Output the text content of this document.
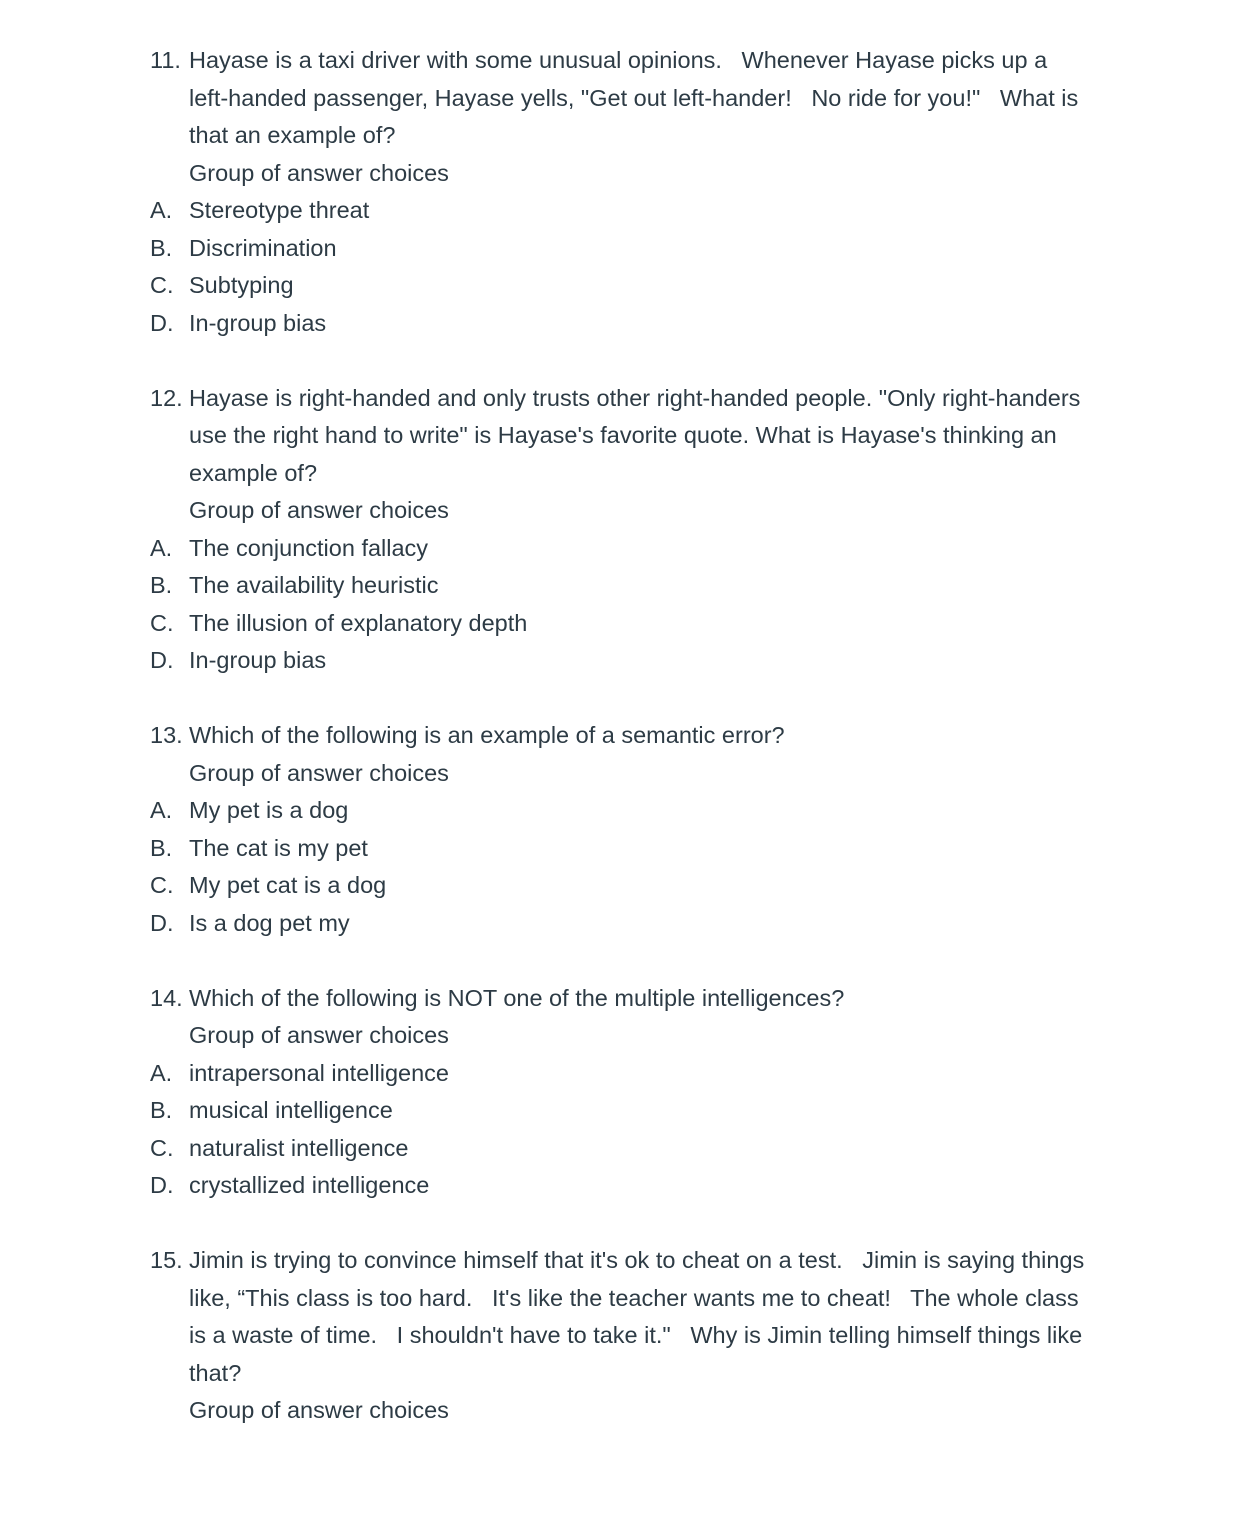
11. Hayase is a taxi driver with some unusual opinions.   Whenever Hayase picks up a left-handed passenger, Hayase yells, "Get out left-hander!   No ride for you!"   What is that an example of?
Group of answer choices
A. Stereotype threat
B. Discrimination
C. Subtyping
D. In-group bias
12. Hayase is right-handed and only trusts other right-handed people. "Only right-handers use the right hand to write" is Hayase's favorite quote. What is Hayase's thinking an example of?
Group of answer choices
A. The conjunction fallacy
B. The availability heuristic
C. The illusion of explanatory depth
D. In-group bias
13. Which of the following is an example of a semantic error?
Group of answer choices
A. My pet is a dog
B. The cat is my pet
C. My pet cat is a dog
D. Is a dog pet my
14. Which of the following is NOT one of the multiple intelligences?
Group of answer choices
A. intrapersonal intelligence
B. musical intelligence
C. naturalist intelligence
D. crystallized intelligence
15. Jimin is trying to convince himself that it's ok to cheat on a test.   Jimin is saying things like, “This class is too hard.   It's like the teacher wants me to cheat!   The whole class is a waste of time.   I shouldn't have to take it."   Why is Jimin telling himself things like that?
Group of answer choices
